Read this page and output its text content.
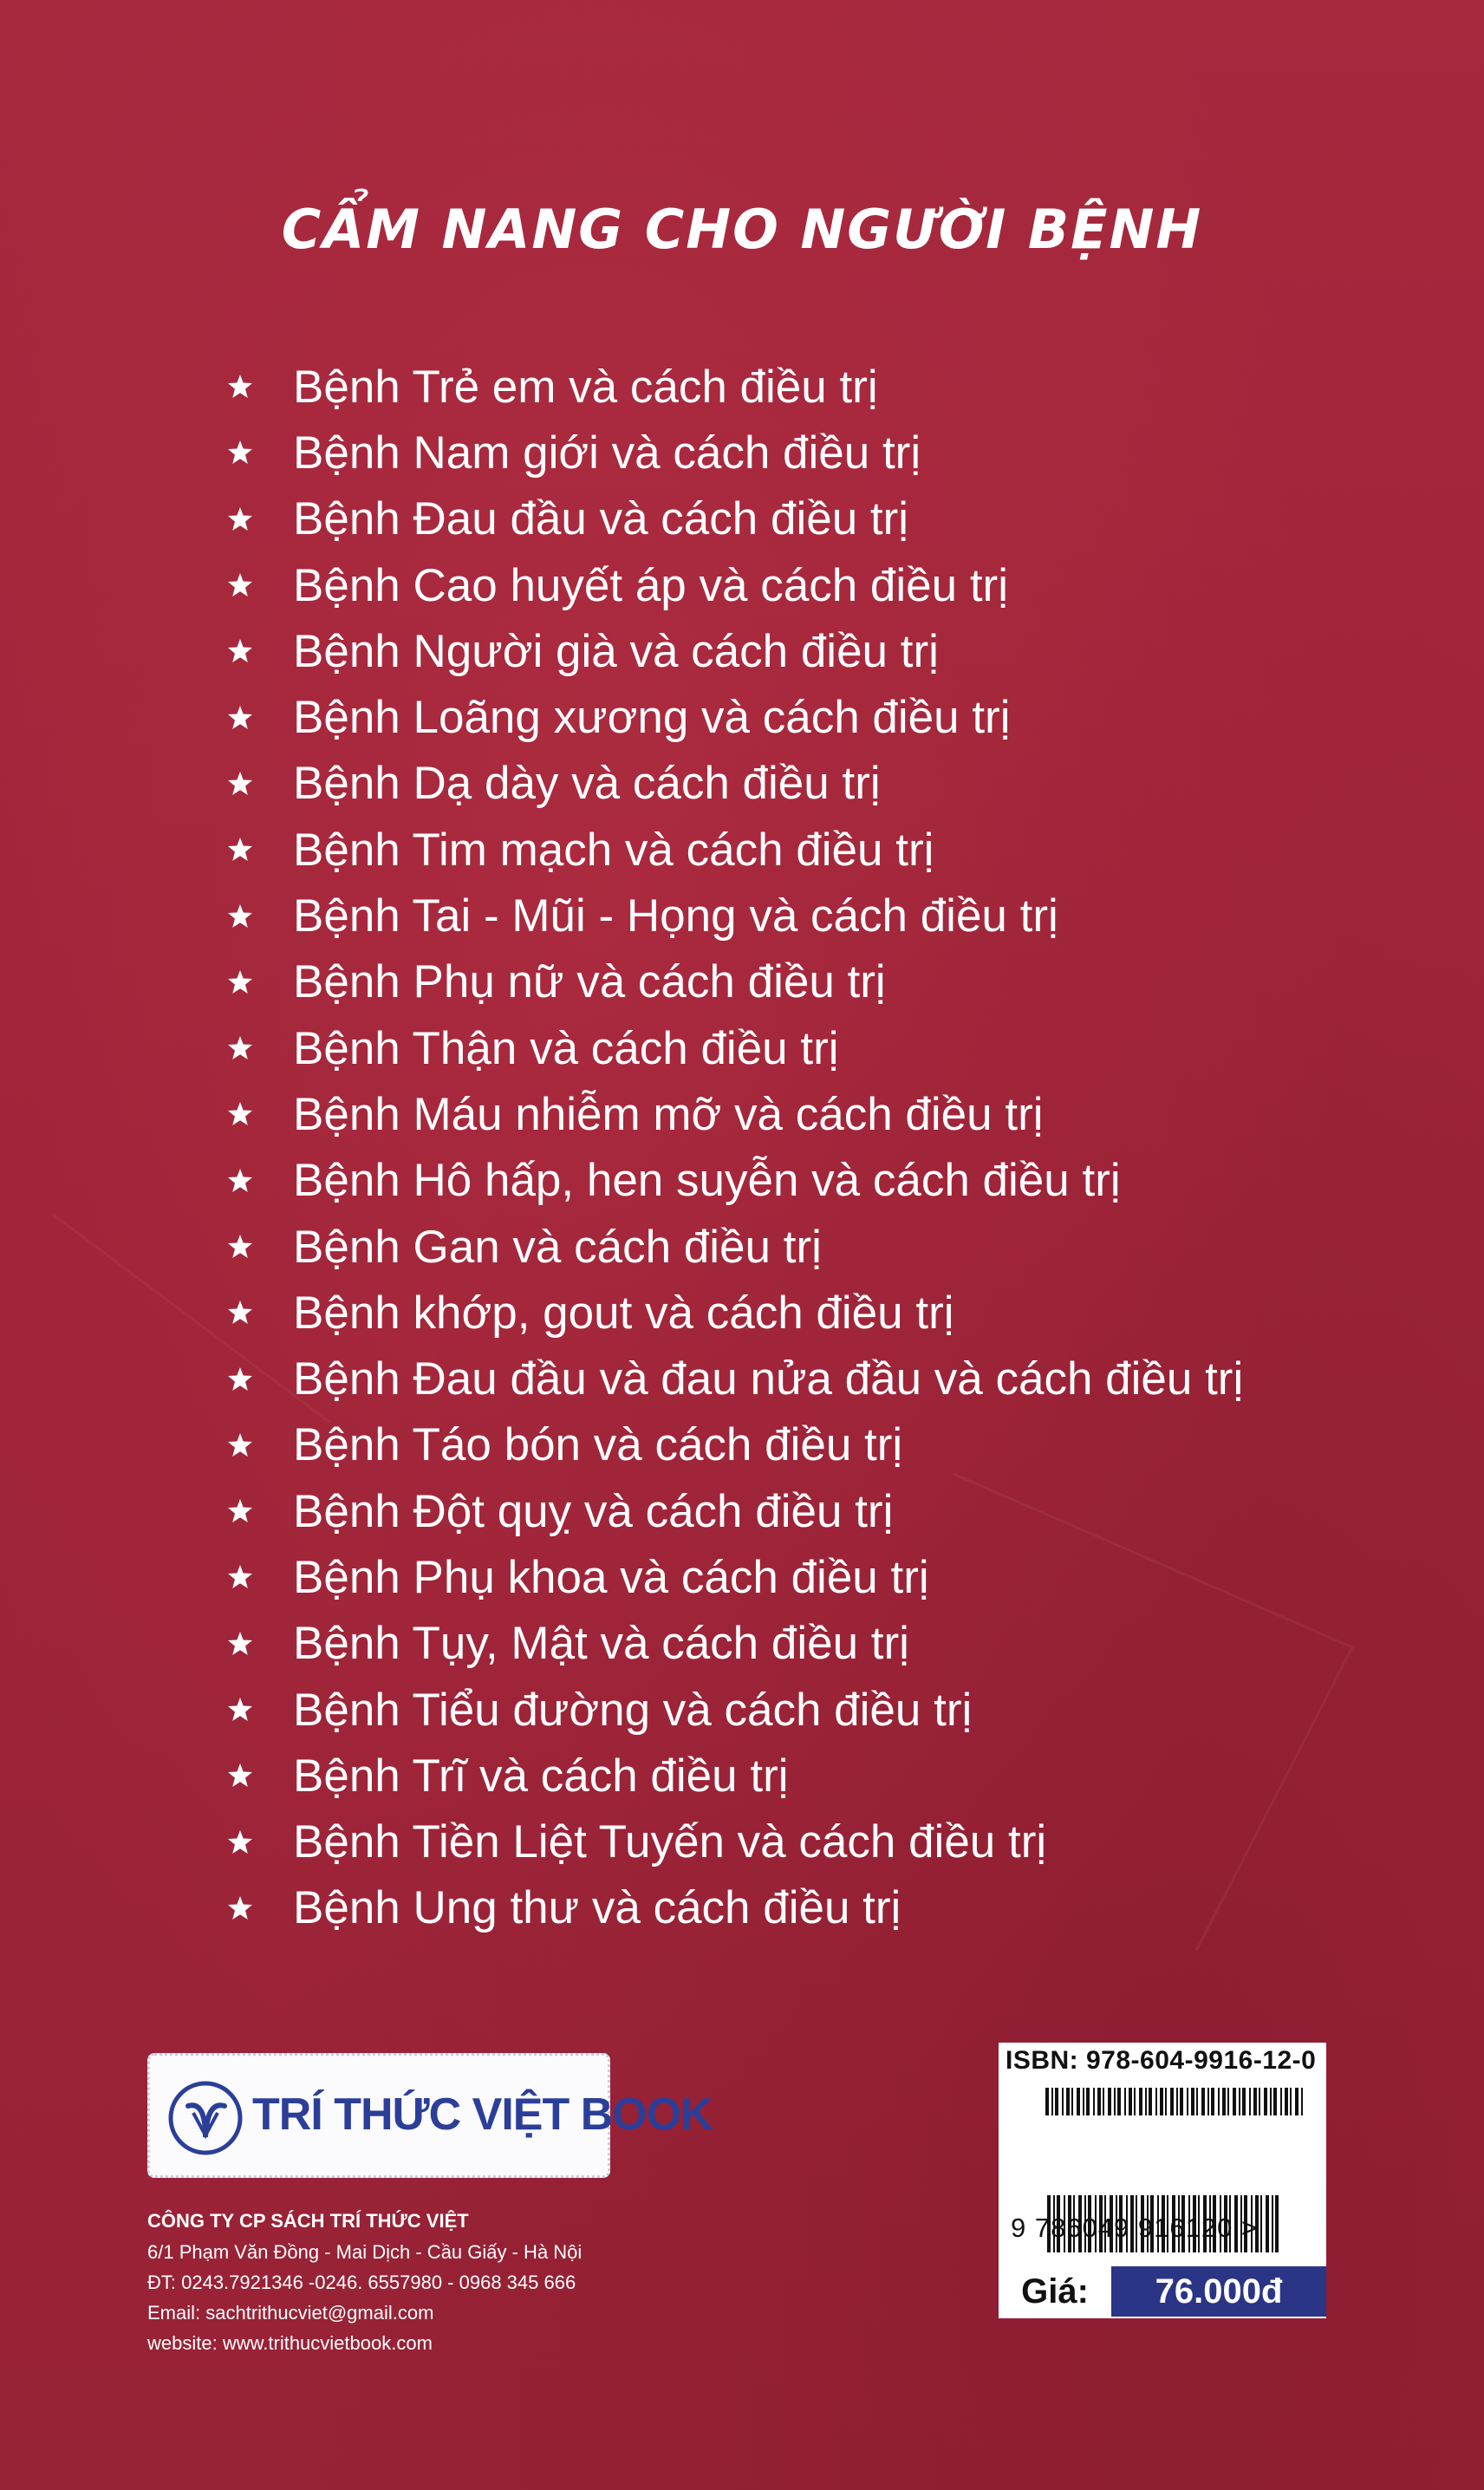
CẨM NANG CHO NGƯỜI BỆNH
Bệnh Trẻ em và cách điều trị
Bệnh Nam giới và cách điều trị
Bệnh Đau đầu và cách điều trị
Bệnh Cao huyết áp và cách điều trị
Bệnh Người già và cách điều trị
Bệnh Loãng xương và cách điều trị
Bệnh Dạ dày và cách điều trị
Bệnh Tim mạch và cách điều trị
Bệnh Tai - Mũi - Họng và cách điều trị
Bệnh Phụ nữ và cách điều trị
Bệnh Thận và cách điều trị
Bệnh Máu nhiễm mỡ và cách điều trị
Bệnh Hô hấp, hen suyễn và cách điều trị
Bệnh Gan và cách điều trị
Bệnh khớp, gout và cách điều trị
Bệnh Đau đầu và đau nửa đầu và cách điều trị
Bệnh Táo bón và cách điều trị
Bệnh Đột quỵ và cách điều trị
Bệnh Phụ khoa và cách điều trị
Bệnh Tụy, Mật và cách điều trị
Bệnh Tiểu đường và cách điều trị
Bệnh Trĩ và cách điều trị
Bệnh Tiền Liệt Tuyến và cách điều trị
Bệnh Ung thư và cách điều trị
TRÍ THỨC VIỆT BOOK
CÔNG TY CP SÁCH TRÍ THỨC VIỆT
6/1 Phạm Văn Đồng - Mai Dịch - Cầu Giấy - Hà Nội
ĐT: 0243.7921346 -0246. 6557980 - 0968 345 666
Email: sachtrithucviet@gmail.com
website: www.trithucvietbook.com
ISBN: 978-604-9916-12-0
9 786049 916120 >
Giá:	76.000đ
